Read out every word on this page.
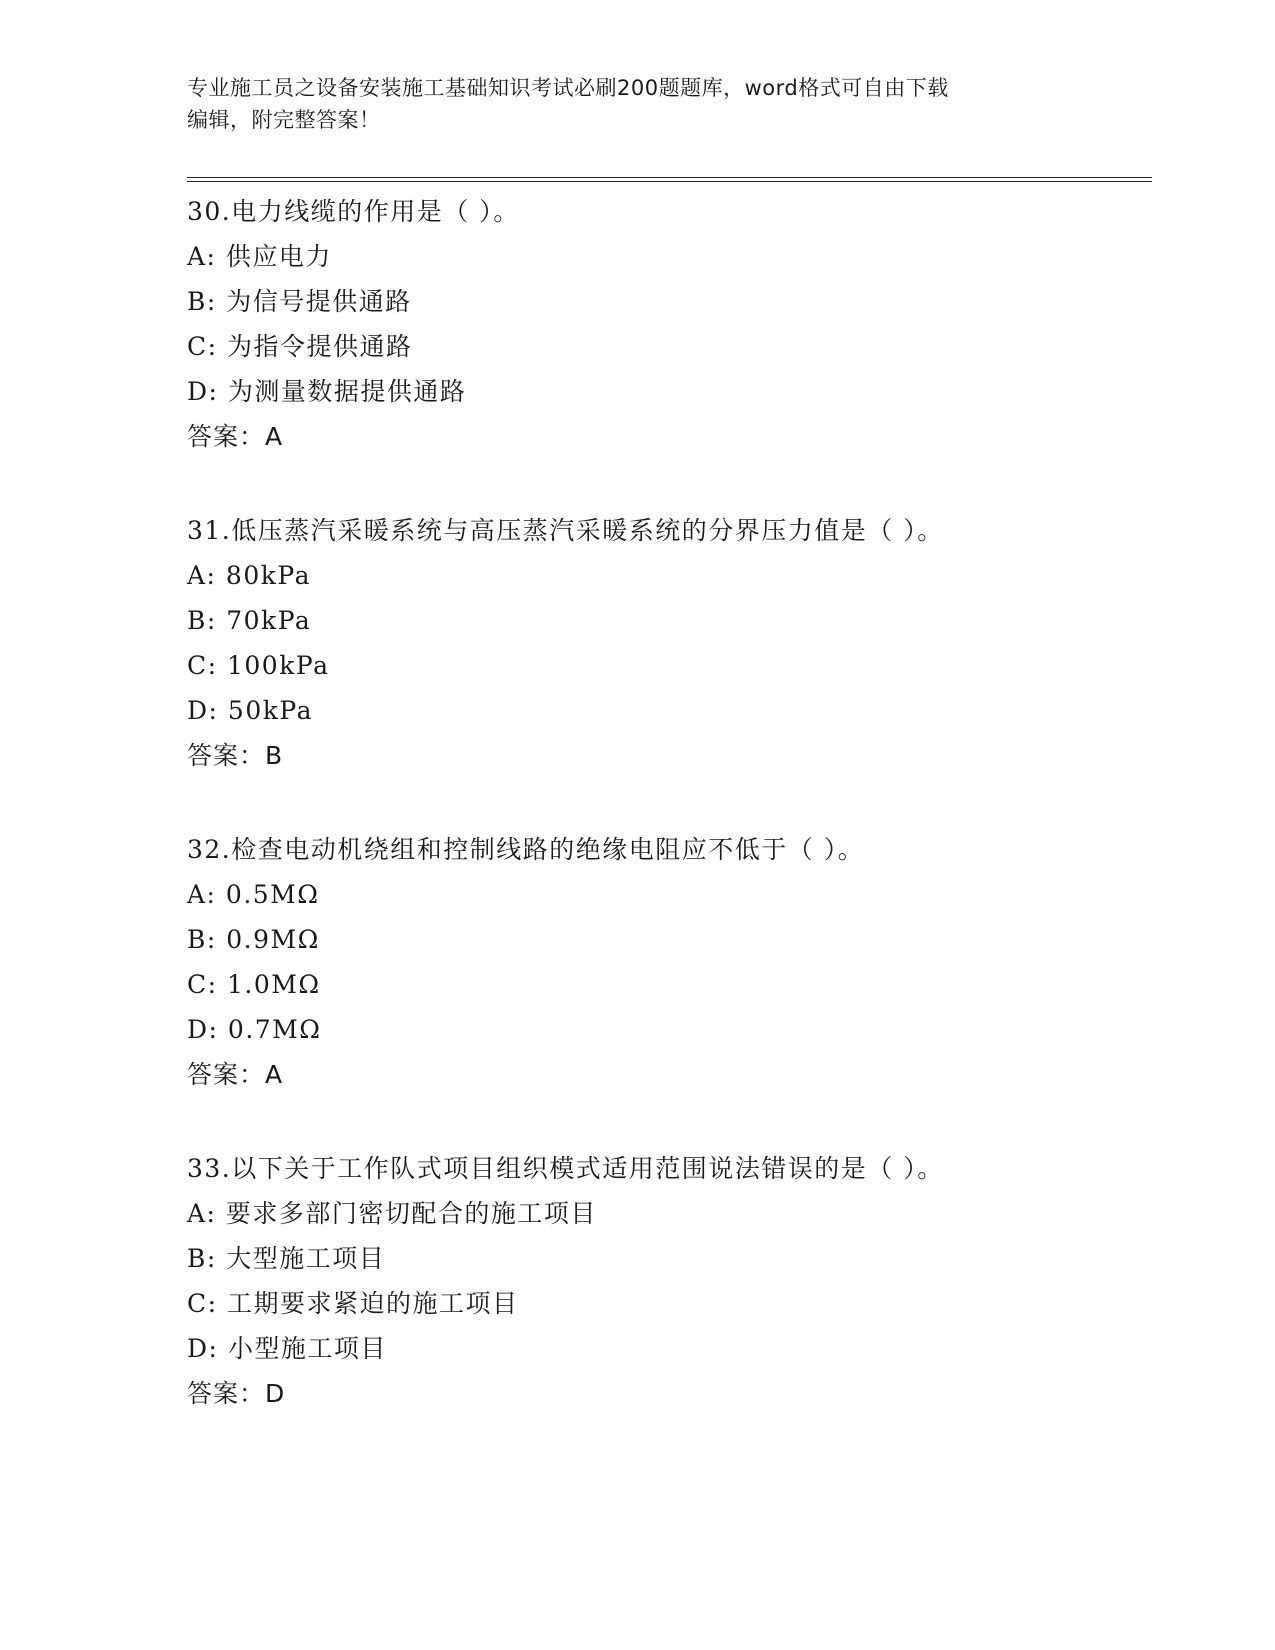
专业施工员之设备安装施工基础知识考试必刷200题题库，word格式可自由下载
编辑，附完整答案！
30.电力线缆的作用是（ ）。
A: 供应电力
B: 为信号提供通路
C: 为指令提供通路
D: 为测量数据提供通路
答案：A
31.低压蒸汽采暖系统与高压蒸汽采暖系统的分界压力值是（ ）。
A: 80kPa
B: 70kPa
C: 100kPa
D: 50kPa
答案：B
32.检查电动机绕组和控制线路的绝缘电阻应不低于（ ）。
A: 0.5MΩ
B: 0.9MΩ
C: 1.0MΩ
D: 0.7MΩ
答案：A
33.以下关于工作队式项目组织模式适用范围说法错误的是（ ）。
A: 要求多部门密切配合的施工项目
B: 大型施工项目
C: 工期要求紧迫的施工项目
D: 小型施工项目
答案：D
